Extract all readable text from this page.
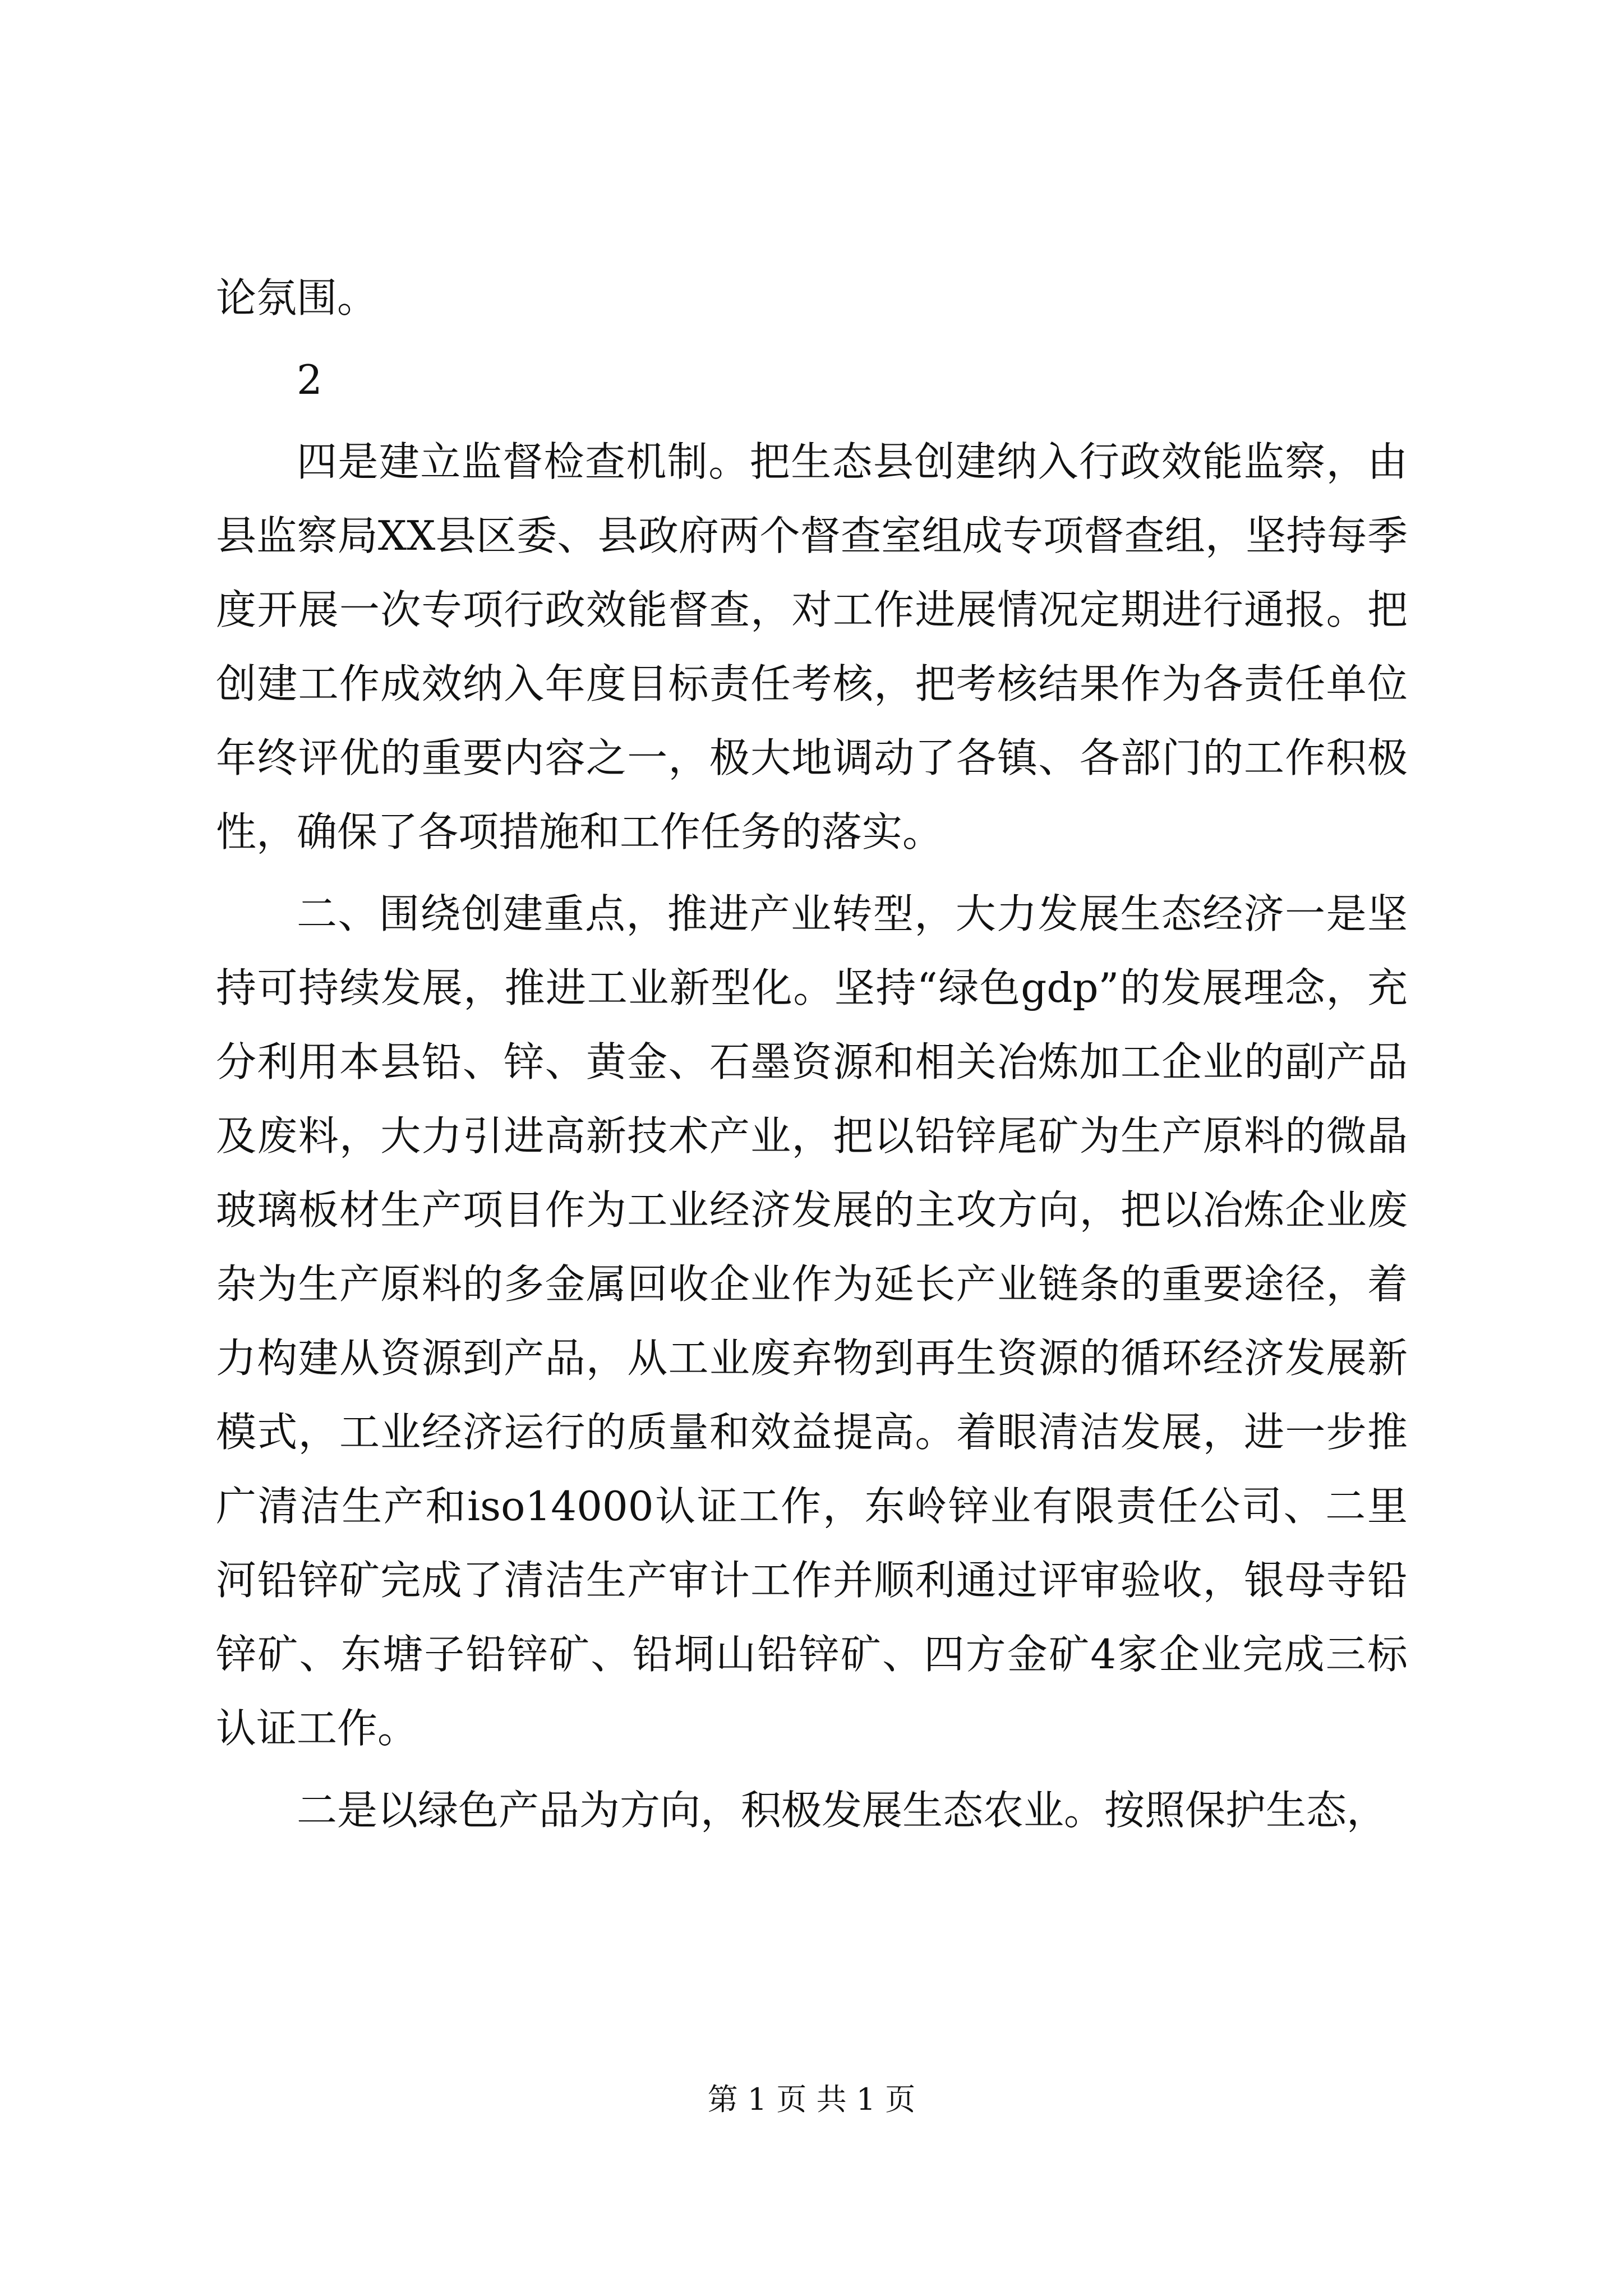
论氛围。

2

四是建立监督检查机制。把生态县创建纳入行政效能监察，由县监察局XX县区委、县政府两个督查室组成专项督查组，坚持每季度开展一次专项行政效能督查，对工作进展情况定期进行通报。把创建工作成效纳入年度目标责任考核，把考核结果作为各责任单位年终评优的重要内容之一，极大地调动了各镇、各部门的工作积极性，确保了各项措施和工作任务的落实。

二、围绕创建重点，推进产业转型，大力发展生态经济一是坚持可持续发展，推进工业新型化。坚持“绿色gdp”的发展理念，充分利用本县铅、锌、黄金、石墨资源和相关冶炼加工企业的副产品及废料，大力引进高新技术产业，把以铅锌尾矿为生产原料的微晶玻璃板材生产项目作为工业经济发展的主攻方向，把以冶炼企业废杂为生产原料的多金属回收企业作为延长产业链条的重要途径，着力构建从资源到产品，从工业废弃物到再生资源的循环经济发展新模式，工业经济运行的质量和效益提高。着眼清洁发展，进一步推广清洁生产和iso14000认证工作，东岭锌业有限责任公司、二里河铅锌矿完成了清洁生产审计工作并顺利通过评审验收，银母寺铅锌矿、东塘子铅锌矿、铅垌山铅锌矿、四方金矿4家企业完成三标认证工作。

二是以绿色产品为方向，积极发展生态农业。按照保护生态，

第 1 页 共 1 页
